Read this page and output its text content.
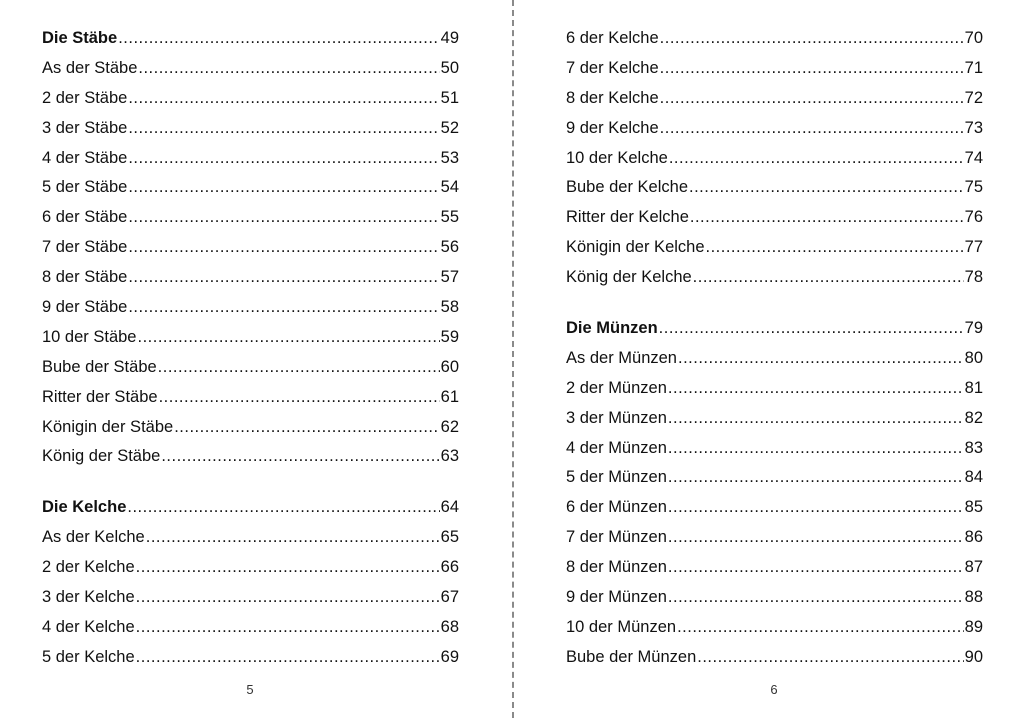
Die Stäbe .....	49
As der Stäbe .....	50
2 der Stäbe .....	51
3 der Stäbe .....	52
4 der Stäbe .....	53
5 der Stäbe .....	54
6 der Stäbe .....	55
7 der Stäbe .....	56
8 der Stäbe .....	57
9 der Stäbe .....	58
10 der Stäbe .....	59
Bube der Stäbe .....	60
Ritter der Stäbe .....	61
Königin der Stäbe .....	62
König der Stäbe .....	63
Die Kelche .....	64
As der Kelche .....	65
2 der Kelche .....	66
3 der Kelche .....	67
4 der Kelche .....	68
5 der Kelche .....	69
5
6 der Kelche .....	70
7 der Kelche .....	71
8 der Kelche .....	72
9 der Kelche .....	73
10 der Kelche .....	74
Bube der Kelche .....	75
Ritter der Kelche .....	76
Königin der Kelche .....	77
König der Kelche .....	78
Die Münzen .....	79
As der Münzen .....	80
2 der Münzen .....	81
3 der Münzen .....	82
4 der Münzen .....	83
5 der Münzen .....	84
6 der Münzen .....	85
7 der Münzen .....	86
8 der Münzen .....	87
9 der Münzen .....	88
10 der Münzen .....	89
Bube der Münzen .....	90
6
